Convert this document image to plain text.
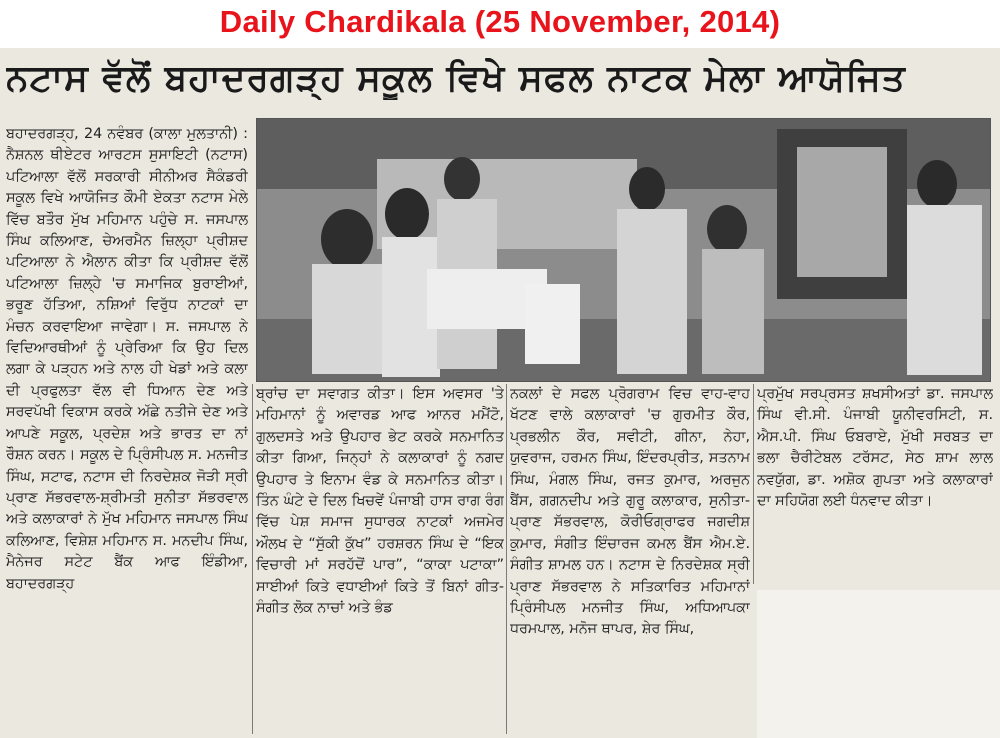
Daily Chardikala (25 November, 2014)
ਨਟਾਸ ਵੱਲੋਂ ਬਹਾਦਰਗੜ੍ਹ ਸਕੂਲ ਵਿਖੇ ਸਫਲ ਨਾਟਕ ਮੇਲਾ ਆਯੋਜਿਤ

ਬਹਾਦਰਗੜ੍ਹ, 24 ਨਵੰਬਰ (ਕਾਲਾ ਮੁਲਤਾਨੀ) : ਨੈਸ਼ਨਲ ਥੀਏਟਰ ਆਰਟਸ ਸੁਸਾਇਟੀ (ਨਟਾਸ) ਪਟਿਆਲਾ ਵੱਲੋਂ ਸਰਕਾਰੀ ਸੀਨੀਅਰ ਸੈਕੰਡਰੀ ਸਕੂਲ ਵਿਖੇ ਆਯੋਜਿਤ ਕੌਮੀ ਏਕਤਾ ਨਟਾਸ ਮੇਲੇ ਵਿੱਚ ਬਤੌਰ ਮੁੱਖ ਮਹਿਮਾਨ ਪਹੁੰਚੇ ਸ. ਜਸਪਾਲ ਸਿੰਘ ਕਲਿਆਣ, ਚੇਅਰਮੈਨ ਜ਼ਿਲ੍ਹਾ ਪ੍ਰੀਸ਼ਦ ਪਟਿਆਲਾ ਨੇ ਐਲਾਨ ਕੀਤਾ ਕਿ ਪ੍ਰੀਸ਼ਦ ਵੱਲੋਂ ਪਟਿਆਲਾ ਜ਼ਿਲ੍ਹੇ 'ਚ ਸਮਾਜਿਕ ਬੁਰਾਈਆਂ, ਭਰੂਣ ਹੱਤਿਆ, ਨਸ਼ਿਆਂ ਵਿਰੁੱਧ ਨਾਟਕਾਂ ਦਾ ਮੰਚਨ ਕਰਵਾਇਆ ਜਾਵੇਗਾ। ਸ. ਜਸਪਾਲ ਨੇ ਵਿਦਿਆਰਥੀਆਂ ਨੂੰ ਪ੍ਰੇਰਿਆ ਕਿ ਉਹ ਦਿਲ ਲਗਾ ਕੇ ਪੜ੍ਹਨ ਅਤੇ ਨਾਲ ਹੀ ਖੇਡਾਂ ਅਤੇ ਕਲਾ ਦੀ ਪ੍ਰਫੁਲਤਾ ਵੱਲ ਵੀ ਧਿਆਨ ਦੇਣ ਅਤੇ ਸਰਵਪੱਖੀ ਵਿਕਾਸ ਕਰਕੇ ਅੱਛੇ ਨਤੀਜੇ ਦੇਣ ਅਤੇ ਆਪਣੇ ਸਕੂਲ, ਪ੍ਰਦੇਸ਼ ਅਤੇ ਭਾਰਤ ਦਾ ਨਾਂ ਰੌਸ਼ਨ ਕਰਨ। ਸਕੂਲ ਦੇ ਪ੍ਰਿੰਸੀਪਲ ਸ. ਮਨਜੀਤ ਸਿੰਘ, ਸਟਾਫ, ਨਟਾਸ ਦੀ ਨਿਰਦੇਸ਼ਕ ਜੋੜੀ ਸ੍ਰੀ ਪ੍ਰਾਣ ਸੱਭਰਵਾਲ-ਸ਼੍ਰੀਮਤੀ ਸੁਨੀਤਾ ਸੱਭਰਵਾਲ ਅਤੇ ਕਲਾਕਾਰਾਂ ਨੇ ਮੁੱਖ ਮਹਿਮਾਨ ਜਸਪਾਲ ਸਿੰਘ ਕਲਿਆਣ, ਵਿਸ਼ੇਸ਼ ਮਹਿਮਾਨ ਸ. ਮਨਦੀਪ ਸਿੰਘ, ਮੈਨੇਜਰ ਸਟੇਟ ਬੈਂਕ ਆਫ ਇੰਡੀਆ, ਬਹਾਦਰਗੜ੍ਹ

ਬ੍ਰਾਂਚ ਦਾ ਸਵਾਗਤ ਕੀਤਾ। ਇਸ ਅਵਸਰ 'ਤੇ ਮਹਿਮਾਨਾਂ ਨੂੰ ਅਵਾਰਡ ਆਫ ਆਨਰ ਮਮੈਂਟੋ, ਗੁਲਦਸਤੇ ਅਤੇ ਉਪਹਾਰ ਭੇਟ ਕਰਕੇ ਸਨਮਾਨਿਤ ਕੀਤਾ ਗਿਆ, ਜਿਨ੍ਹਾਂ ਨੇ ਕਲਾਕਾਰਾਂ ਨੂੰ ਨਗਦ ਉਪਹਾਰ ਤੇ ਇਨਾਮ ਵੰਡ ਕੇ ਸਨਮਾਨਿਤ ਕੀਤਾ। ਤਿੰਨ ਘੰਟੇ ਦੇ ਦਿਲ ਖਿਚਵੇਂ ਪੰਜਾਬੀ ਹਾਸ ਰਾਗ ਰੰਗ ਵਿੱਚ ਪੇਸ਼ ਸਮਾਜ ਸੁਧਾਰਕ ਨਾਟਕਾਂ ਅਜਮੇਰ ਔਲਖ ਦੇ “ਸੁੱਕੀ ਕੁੱਖ” ਹਰਸ਼ਰਨ ਸਿੰਘ ਦੇ “ਇਕ ਵਿਚਾਰੀ ਮਾਂ ਸਰਹੱਦੋਂ ਪਾਰ”, “ਕਾਕਾ ਪਟਾਕਾ” ਸਾਈਆਂ ਕਿਤੇ ਵਧਾਈਆਂ ਕਿਤੇ ਤੋਂ ਬਿਨਾਂ ਗੀਤ-ਸੰਗੀਤ ਲੋਕ ਨਾਚਾਂ ਅਤੇ ਭੰਡ

ਨਕਲਾਂ ਦੇ ਸਫਲ ਪ੍ਰੋਗਰਾਮ ਵਿਚ ਵਾਹ-ਵਾਹ ਖੱਟਣ ਵਾਲੇ ਕਲਾਕਾਰਾਂ 'ਚ ਗੁਰਮੀਤ ਕੌਰ, ਪ੍ਰਭਲੀਨ ਕੌਰ, ਸਵੀਟੀ, ਗੀਨਾ, ਨੇਹਾ, ਯੁਵਰਾਜ, ਹਰਮਨ ਸਿੰਘ, ਇੰਦਰਪ੍ਰੀਤ, ਸਤਨਾਮ ਸਿੰਘ, ਮੰਗਲ ਸਿੰਘ, ਰਜਤ ਕੁਮਾਰ, ਅਰਜੁਨ ਬੈਂਸ, ਗਗਨਦੀਪ ਅਤੇ ਗੁਰੂ ਕਲਾਕਾਰ, ਸੁਨੀਤਾ-ਪ੍ਰਾਣ ਸੱਭਰਵਾਲ, ਕੋਰੀਓਗ੍ਰਾਫਰ ਜਗਦੀਸ਼ ਕੁਮਾਰ, ਸੰਗੀਤ ਇੰਚਾਰਜ ਕਮਲ ਬੈਂਸ ਐਮ.ਏ. ਸੰਗੀਤ ਸ਼ਾਮਲ ਹਨ। ਨਟਾਸ ਦੇ ਨਿਰਦੇਸ਼ਕ ਸ੍ਰੀ ਪ੍ਰਾਣ ਸੱਭਰਵਾਲ ਨੇ ਸਤਿਕਾਰਿਤ ਮਹਿਮਾਨਾਂ ਪ੍ਰਿੰਸੀਪਲ ਮਨਜੀਤ ਸਿੰਘ, ਅਧਿਆਪਕਾ ਧਰਮਪਾਲ, ਮਨੋਜ ਥਾਪਰ, ਸ਼ੇਰ ਸਿੰਘ,

ਪ੍ਰਮੁੱਖ ਸਰਪ੍ਰਸਤ ਸ਼ਖਸੀਅਤਾਂ ਡਾ. ਜਸਪਾਲ ਸਿੰਘ ਵੀ.ਸੀ. ਪੰਜਾਬੀ ਯੂਨੀਵਰਸਿਟੀ, ਸ. ਐਸ.ਪੀ. ਸਿੰਘ ਓਬਰਾਏ, ਮੁੱਖੀ ਸਰਬਤ ਦਾ ਭਲਾ ਚੈਰੀਟੇਬਲ ਟਰੱਸਟ, ਸੇਠ ਸ਼ਾਮ ਲਾਲ ਨਵਯੁੱਗ, ਡਾ. ਅਸ਼ੋਕ ਗੁਪਤਾ ਅਤੇ ਕਲਾਕਾਰਾਂ ਦਾ ਸਹਿਯੋਗ ਲਈ ਧੰਨਵਾਦ ਕੀਤਾ।
